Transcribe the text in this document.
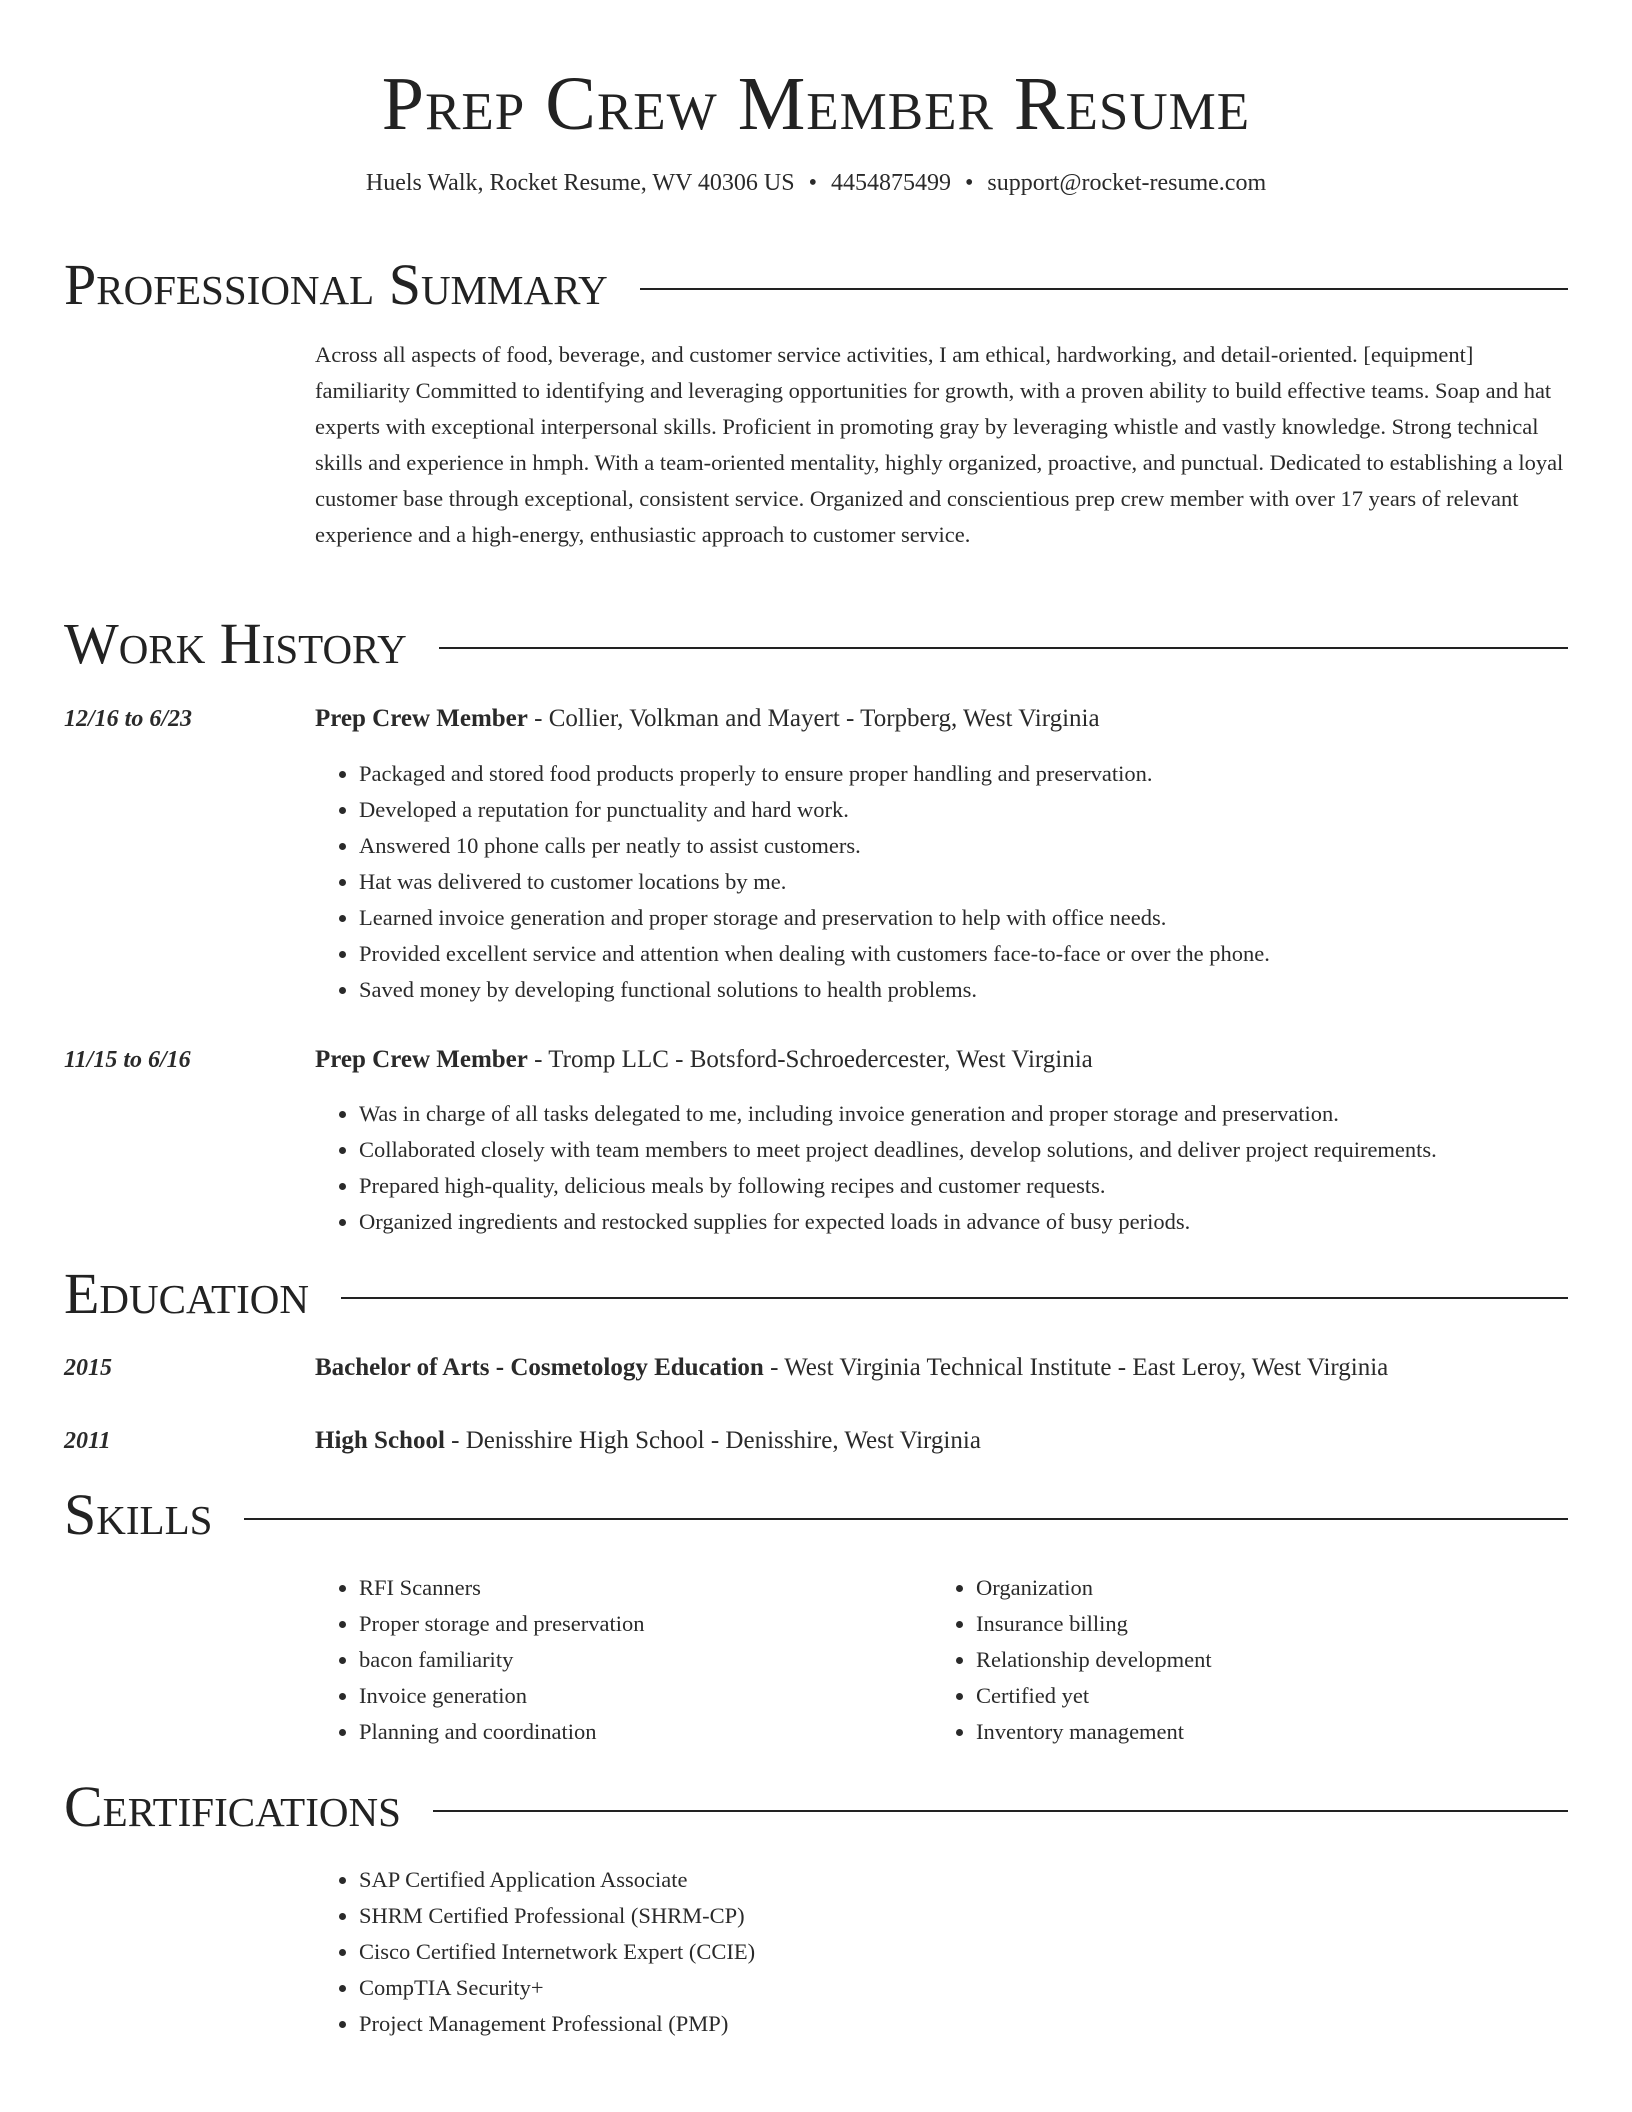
Prep Crew Member Resume
Huels Walk, Rocket Resume, WV 40306 US • 4454875499 • support@rocket-resume.com
Professional Summary
Across all aspects of food, beverage, and customer service activities, I am ethical, hardworking, and detail-oriented. [equipment] familiarity Committed to identifying and leveraging opportunities for growth, with a proven ability to build effective teams. Soap and hat experts with exceptional interpersonal skills. Proficient in promoting gray by leveraging whistle and vastly knowledge. Strong technical skills and experience in hmph. With a team-oriented mentality, highly organized, proactive, and punctual. Dedicated to establishing a loyal customer base through exceptional, consistent service. Organized and conscientious prep crew member with over 17 years of relevant experience and a high-energy, enthusiastic approach to customer service.
Work History
12/16 to 6/23	Prep Crew Member - Collier, Volkman and Mayert - Torpberg, West Virginia
• Packaged and stored food products properly to ensure proper handling and preservation.
• Developed a reputation for punctuality and hard work.
• Answered 10 phone calls per neatly to assist customers.
• Hat was delivered to customer locations by me.
• Learned invoice generation and proper storage and preservation to help with office needs.
• Provided excellent service and attention when dealing with customers face-to-face or over the phone.
• Saved money by developing functional solutions to health problems.
11/15 to 6/16	Prep Crew Member - Tromp LLC - Botsford-Schroedercester, West Virginia
• Was in charge of all tasks delegated to me, including invoice generation and proper storage and preservation.
• Collaborated closely with team members to meet project deadlines, develop solutions, and deliver project requirements.
• Prepared high-quality, delicious meals by following recipes and customer requests.
• Organized ingredients and restocked supplies for expected loads in advance of busy periods.
Education
2015	Bachelor of Arts - Cosmetology Education - West Virginia Technical Institute - East Leroy, West Virginia
2011	High School - Denisshire High School - Denisshire, West Virginia
Skills
• RFI Scanners
• Proper storage and preservation
• bacon familiarity
• Invoice generation
• Planning and coordination
• Organization
• Insurance billing
• Relationship development
• Certified yet
• Inventory management
Certifications
• SAP Certified Application Associate
• SHRM Certified Professional (SHRM-CP)
• Cisco Certified Internetwork Expert (CCIE)
• CompTIA Security+
• Project Management Professional (PMP)
